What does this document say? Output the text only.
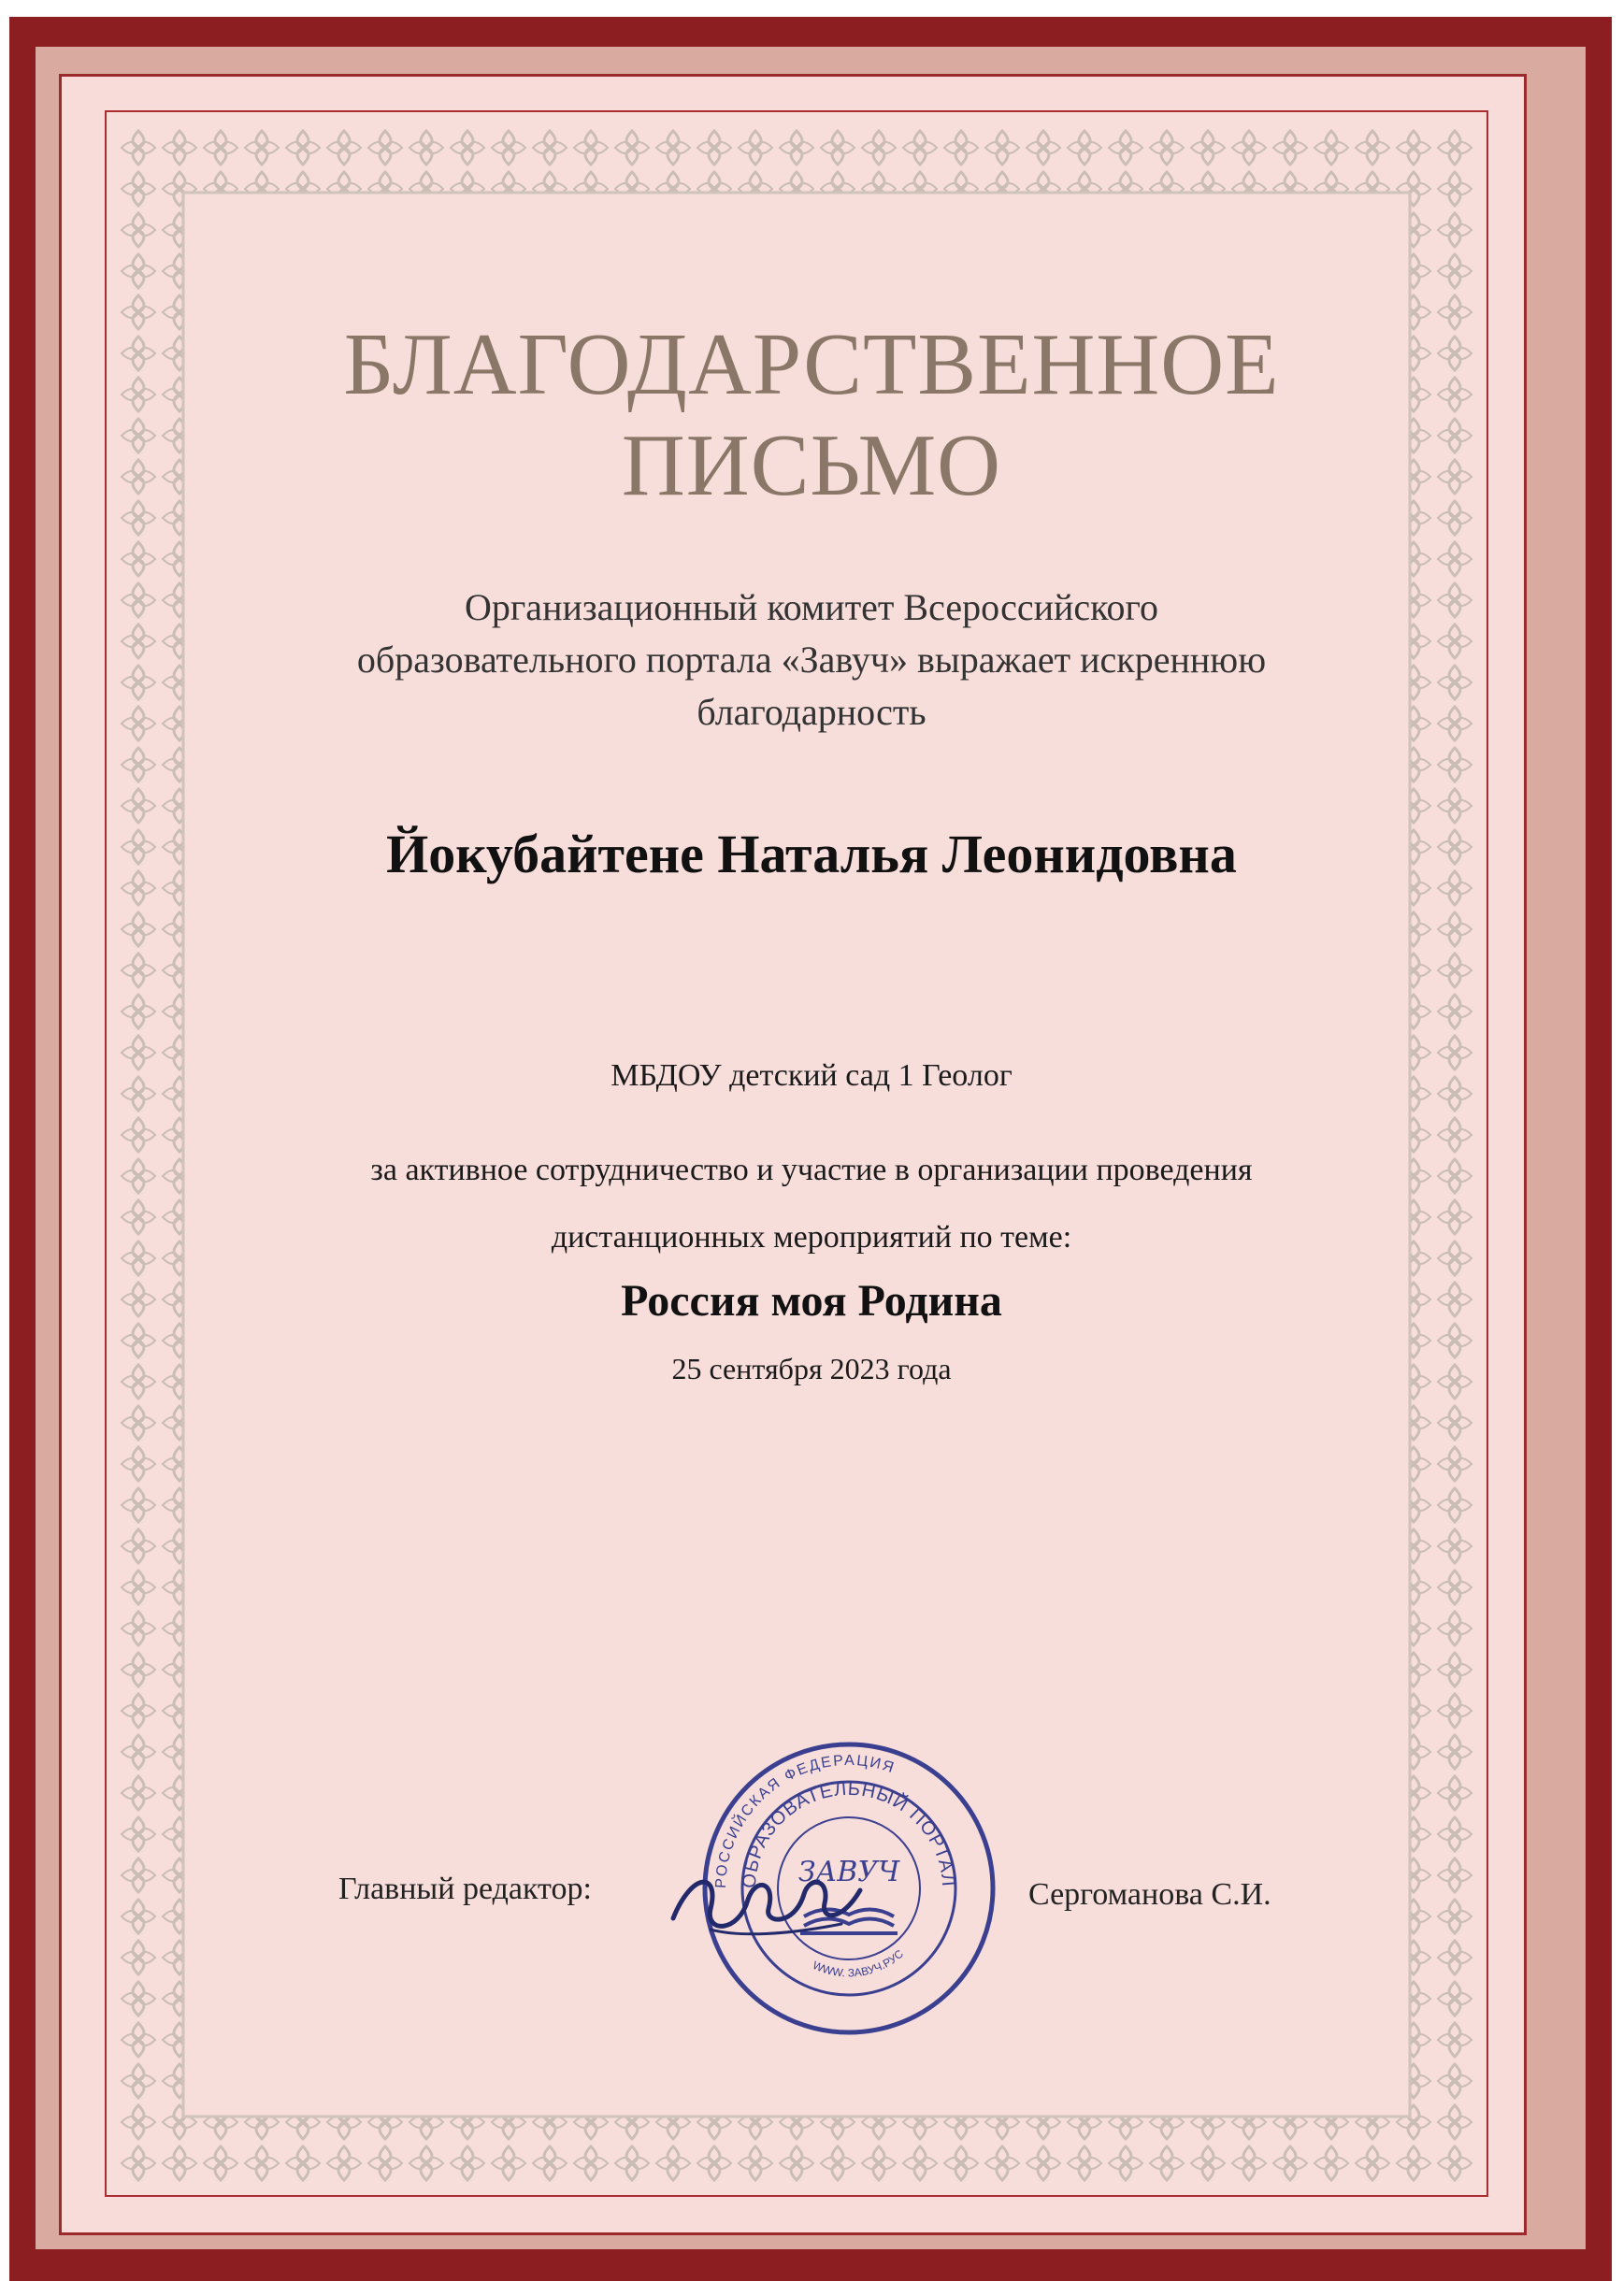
БЛАГОДАРСТВЕННОЕ
ПИСЬМО
Организационный комитет Всероссийского
образовательного портала «Завуч» выражает искреннюю
благодарность
Йокубайтене Наталья Леонидовна
МБДОУ детский сад 1 Геолог
за активное сотрудничество и участие в организации проведения
дистанционных мероприятий по теме:
Россия моя Родина
25 сентября 2023 года
Главный редактор:	Сергоманова С.И.
РОССИЙСКАЯ ФЕДЕРАЦИЯ
ОБРАЗОВАТЕЛЬНЫЙ ПОРТАЛ
WWW. ЗАВУЧ.РУС
ЗАВУЧ
